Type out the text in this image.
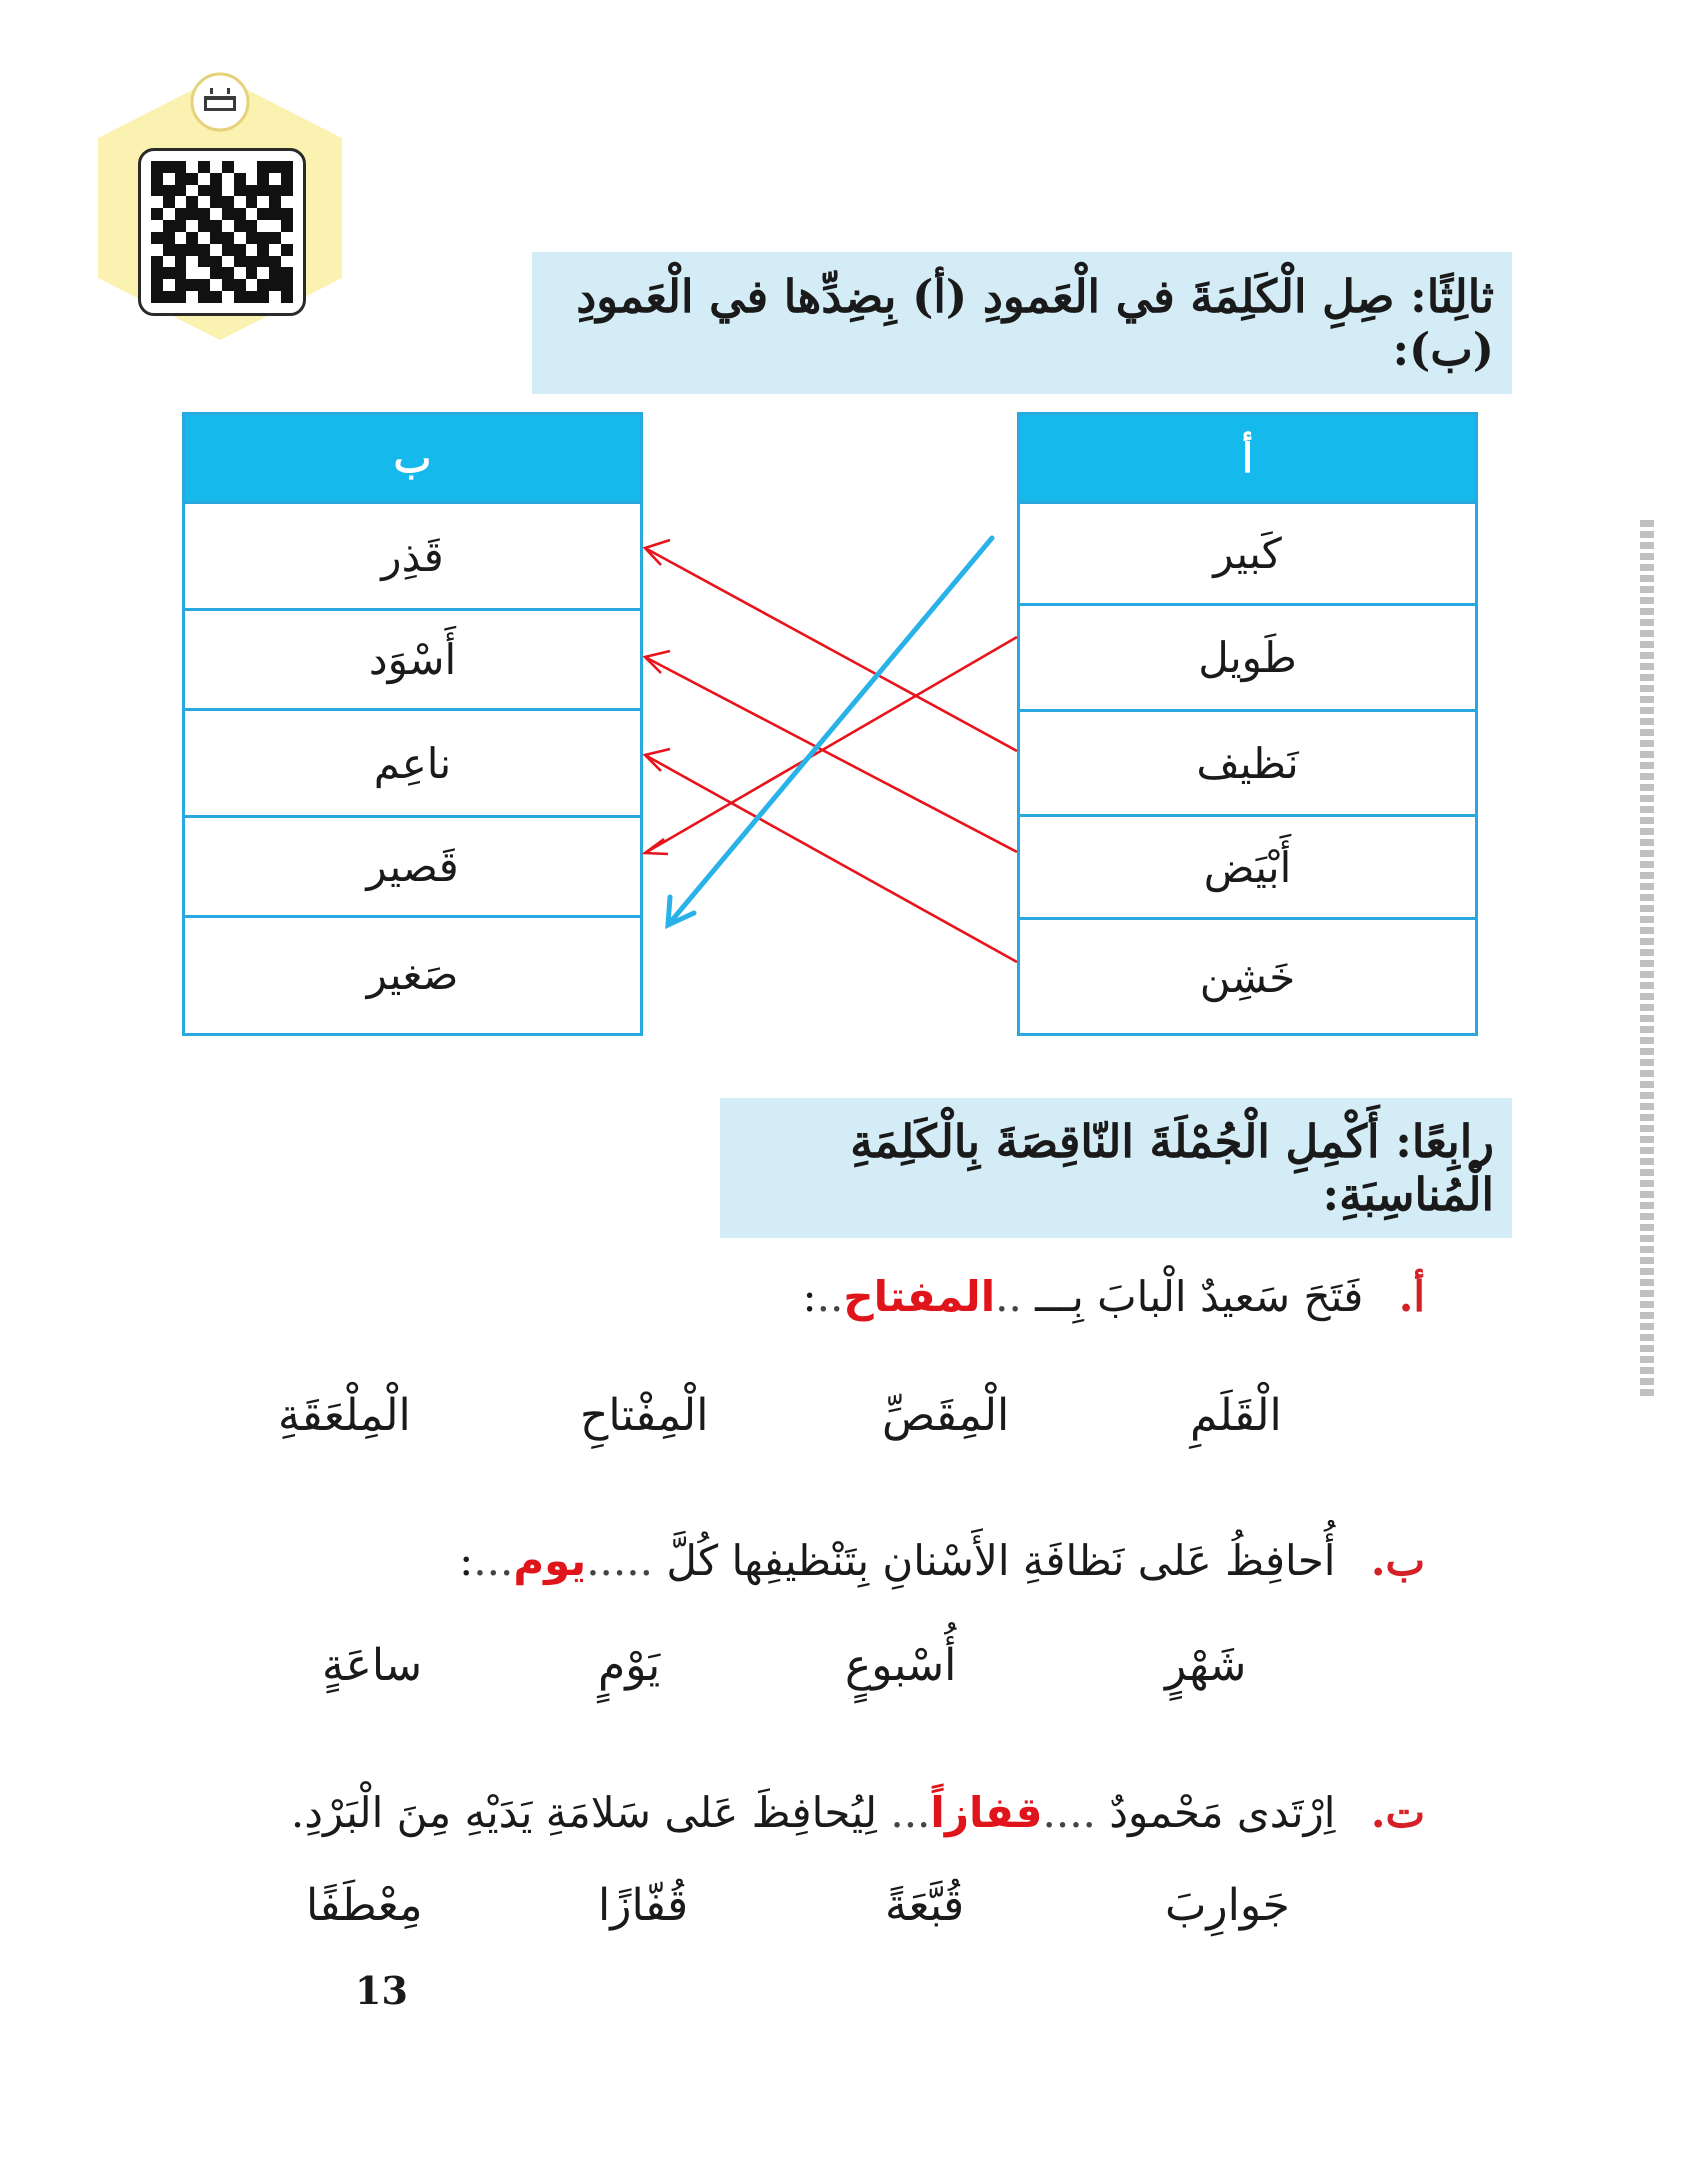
ثالِثًا: صِلِ الْكَلِمَةَ في الْعَمودِ (أ) بِضِدِّها في الْعَمودِ (ب):
ب
قَذِر
أَسْوَد
ناعِم
قَصير
صَغير
أ
كَبير
طَويل
نَظيف
أَبْيَض
خَشِن
رابِعًا: أَكْمِلِ الْجُمْلَةَ النّاقِصَةَ بِالْكَلِمَةِ الْمُناسِبَةِ:
أ. فَتَحَ سَعيدٌ الْبابَ بِـــ ..المفتاح..:
الْقَلَمِ
الْمِقَصِّ
الْمِفْتاحِ
الْمِلْعَقَةِ
ب. أُحافِظُ عَلى نَظافَةِ الأَسْنانِ بِتَنْظيفِها كُلَّ .....يوم...:
شَهْرٍ
أُسْبوعٍ
يَوْمٍ
ساعَةٍ
ت. اِرْتَدى مَحْمودٌ ....قفازاً... لِيُحافِظَ عَلى سَلامَةِ يَدَيْهِ مِنَ الْبَرْدِ.
جَوارِبَ
قُبَّعَةً
قُفّازًا
مِعْطَفًا
13
